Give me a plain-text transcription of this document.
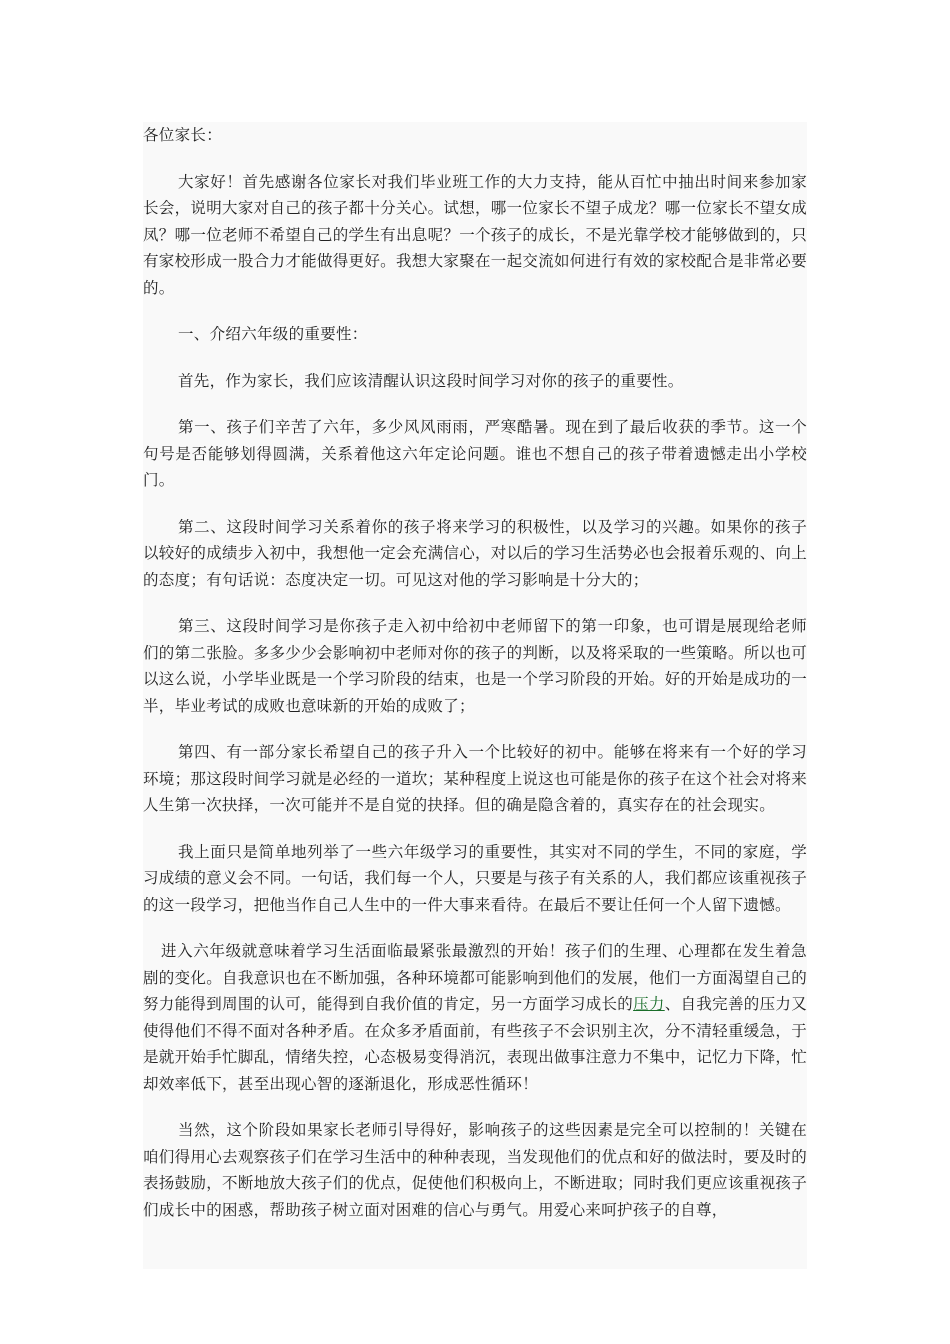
各位家长：

大家好！首先感谢各位家长对我们毕业班工作的大力支持，能从百忙中抽出时间来参加家长会，说明大家对自己的孩子都十分关心。试想，哪一位家长不望子成龙？哪一位家长不望女成凤？哪一位老师不希望自己的学生有出息呢？一个孩子的成长，不是光靠学校才能够做到的，只有家校形成一股合力才能做得更好。我想大家聚在一起交流如何进行有效的家校配合是非常必要的。

一、介绍六年级的重要性：

首先，作为家长，我们应该清醒认识这段时间学习对你的孩子的重要性。

第一、孩子们辛苦了六年，多少风风雨雨，严寒酷暑。现在到了最后收获的季节。这一个句号是否能够划得圆满，关系着他这六年定论问题。谁也不想自己的孩子带着遗憾走出小学校门。

第二、这段时间学习关系着你的孩子将来学习的积极性，以及学习的兴趣。如果你的孩子以较好的成绩步入初中，我想他一定会充满信心，对以后的学习生活势必也会报着乐观的、向上的态度；有句话说：态度决定一切。可见这对他的学习影响是十分大的；

第三、这段时间学习是你孩子走入初中给初中老师留下的第一印象，也可谓是展现给老师们的第二张脸。多多少少会影响初中老师对你的孩子的判断，以及将采取的一些策略。所以也可以这么说，小学毕业既是一个学习阶段的结束，也是一个学习阶段的开始。好的开始是成功的一半，毕业考试的成败也意味新的开始的成败了；

第四、有一部分家长希望自己的孩子升入一个比较好的初中。能够在将来有一个好的学习环境；那这段时间学习就是必经的一道坎；某种程度上说这也可能是你的孩子在这个社会对将来人生第一次抉择，一次可能并不是自觉的抉择。但的确是隐含着的，真实存在的社会现实。

我上面只是简单地列举了一些六年级学习的重要性，其实对不同的学生，不同的家庭，学习成绩的意义会不同。一句话，我们每一个人，只要是与孩子有关系的人，我们都应该重视孩子的这一段学习，把他当作自己人生中的一件大事来看待。在最后不要让任何一个人留下遗憾。

进入六年级就意味着学习生活面临最紧张最激烈的开始！孩子们的生理、心理都在发生着急剧的变化。自我意识也在不断加强，各种环境都可能影响到他们的发展，他们一方面渴望自己的努力能得到周围的认可，能得到自我价值的肯定，另一方面学习成长的压力、自我完善的压力又使得他们不得不面对各种矛盾。在众多矛盾面前，有些孩子不会识别主次，分不清轻重缓急，于是就开始手忙脚乱，情绪失控，心态极易变得消沉，表现出做事注意力不集中，记忆力下降，忙却效率低下，甚至出现心智的逐渐退化，形成恶性循环！

当然，这个阶段如果家长老师引导得好，影响孩子的这些因素是完全可以控制的！关键在咱们得用心去观察孩子们在学习生活中的种种表现，当发现他们的优点和好的做法时，要及时的表扬鼓励，不断地放大孩子们的优点，促使他们积极向上，不断进取；同时我们更应该重视孩子们成长中的困惑，帮助孩子树立面对困难的信心与勇气。用爱心来呵护孩子的自尊，
